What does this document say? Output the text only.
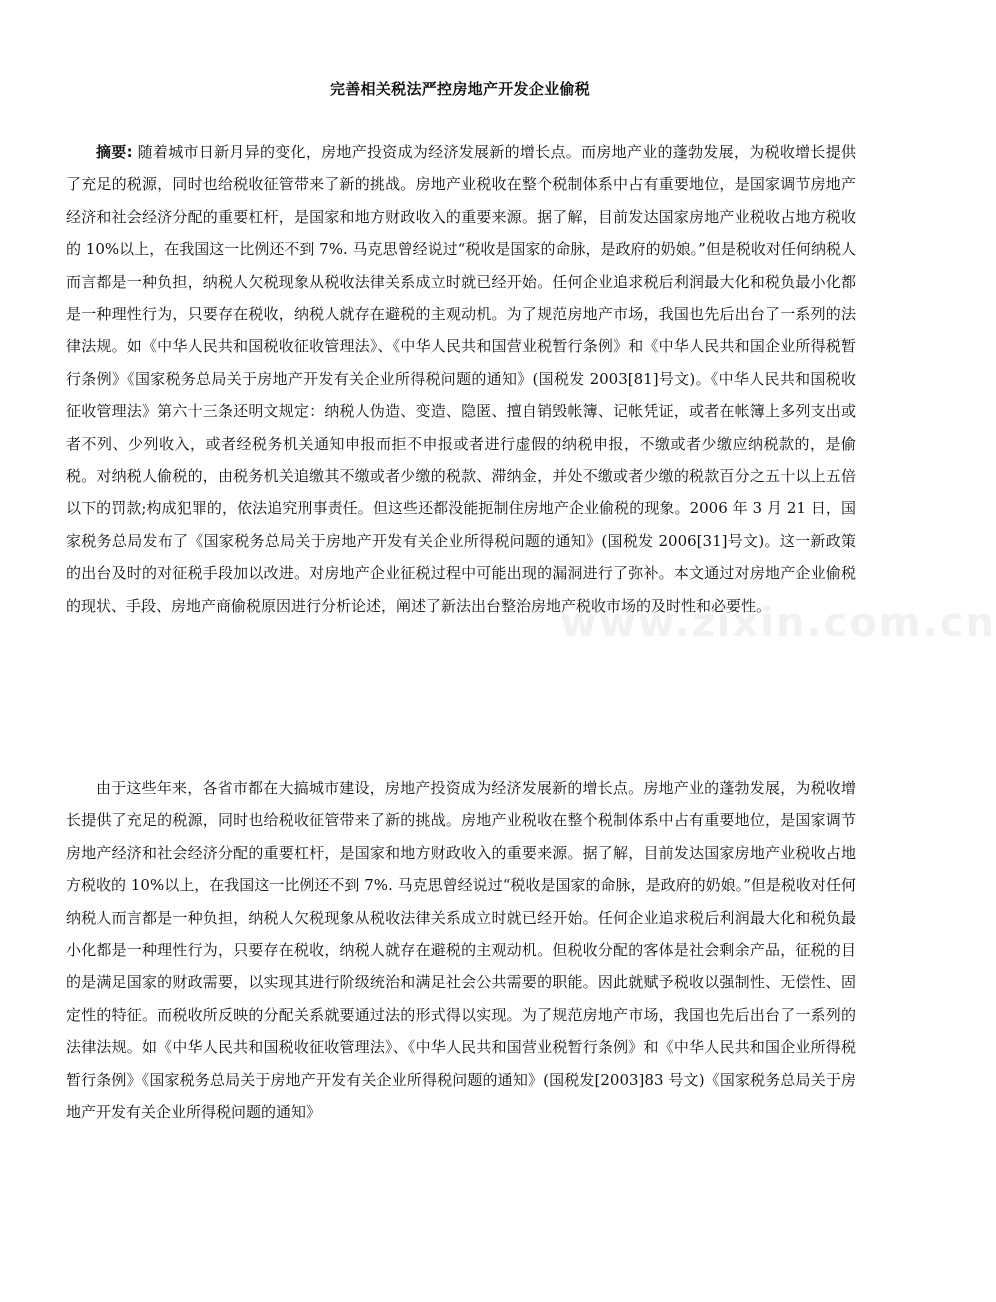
完善相关税法严控房地产开发企业偷税

摘要: 随着城市日新月异的变化，房地产投资成为经济发展新的增长点。而房地产业的蓬勃发展，为税收增长提供了充足的税源，同时也给税收征管带来了新的挑战。房地产业税收在整个税制体系中占有重要地位，是国家调节房地产经济和社会经济分配的重要杠杆，是国家和地方财政收入的重要来源。据了解，目前发达国家房地产业税收占地方税收的 10%以上，在我国这一比例还不到 7%. 马克思曾经说过“税收是国家的命脉，是政府的奶娘。”但是税收对任何纳税人而言都是一种负担，纳税人欠税现象从税收法律关系成立时就已经开始。任何企业追求税后利润最大化和税负最小化都是一种理性行为，只要存在税收，纳税人就存在避税的主观动机。为了规范房地产市场，我国也先后出台了一系列的法律法规。如《中华人民共和国税收征收管理法》、《中华人民共和国营业税暂行条例》和《中华人民共和国企业所得税暂行条例》《国家税务总局关于房地产开发有关企业所得税问题的通知》(国税发 2003[81]号文)。《中华人民共和国税收征收管理法》第六十三条还明文规定：纳税人伪造、变造、隐匿、擅自销毁帐簿、记帐凭证，或者在帐簿上多列支出或者不列、少列收入，或者经税务机关通知申报而拒不申报或者进行虚假的纳税申报，不缴或者少缴应纳税款的，是偷税。对纳税人偷税的，由税务机关追缴其不缴或者少缴的税款、滞纳金，并处不缴或者少缴的税款百分之五十以上五倍以下的罚款;构成犯罪的，依法追究刑事责任。但这些还都没能扼制住房地产企业偷税的现象。2006 年 3 月 21 日，国家税务总局发布了《国家税务总局关于房地产开发有关企业所得税问题的通知》(国税发 2006[31]号文)。这一新政策的出台及时的对征税手段加以改进。对房地产企业征税过程中可能出现的漏洞进行了弥补。本文通过对房地产企业偷税的现状、手段、房地产商偷税原因进行分析论述，阐述了新法出台整治房地产税收市场的及时性和必要性。

由于这些年来，各省市都在大搞城市建设，房地产投资成为经济发展新的增长点。房地产业的蓬勃发展，为税收增长提供了充足的税源，同时也给税收征管带来了新的挑战。房地产业税收在整个税制体系中占有重要地位，是国家调节房地产经济和社会经济分配的重要杠杆，是国家和地方财政收入的重要来源。据了解，目前发达国家房地产业税收占地方税收的 10%以上，在我国这一比例还不到 7%. 马克思曾经说过“税收是国家的命脉，是政府的奶娘。”但是税收对任何纳税人而言都是一种负担，纳税人欠税现象从税收法律关系成立时就已经开始。任何企业追求税后利润最大化和税负最小化都是一种理性行为，只要存在税收，纳税人就存在避税的主观动机。但税收分配的客体是社会剩余产品，征税的目的是满足国家的财政需要，以实现其进行阶级统治和满足社会公共需要的职能。因此就赋予税收以强制性、无偿性、固定性的特征。而税收所反映的分配关系就要通过法的形式得以实现。为了规范房地产市场，我国也先后出台了一系列的法律法规。如《中华人民共和国税收征收管理法》、《中华人民共和国营业税暂行条例》和《中华人民共和国企业所得税暂行条例》《国家税务总局关于房地产开发有关企业所得税问题的通知》(国税发[2003]83 号文)《国家税务总局关于房地产开发有关企业所得税问题的通知》

www.zixin.com.cn
